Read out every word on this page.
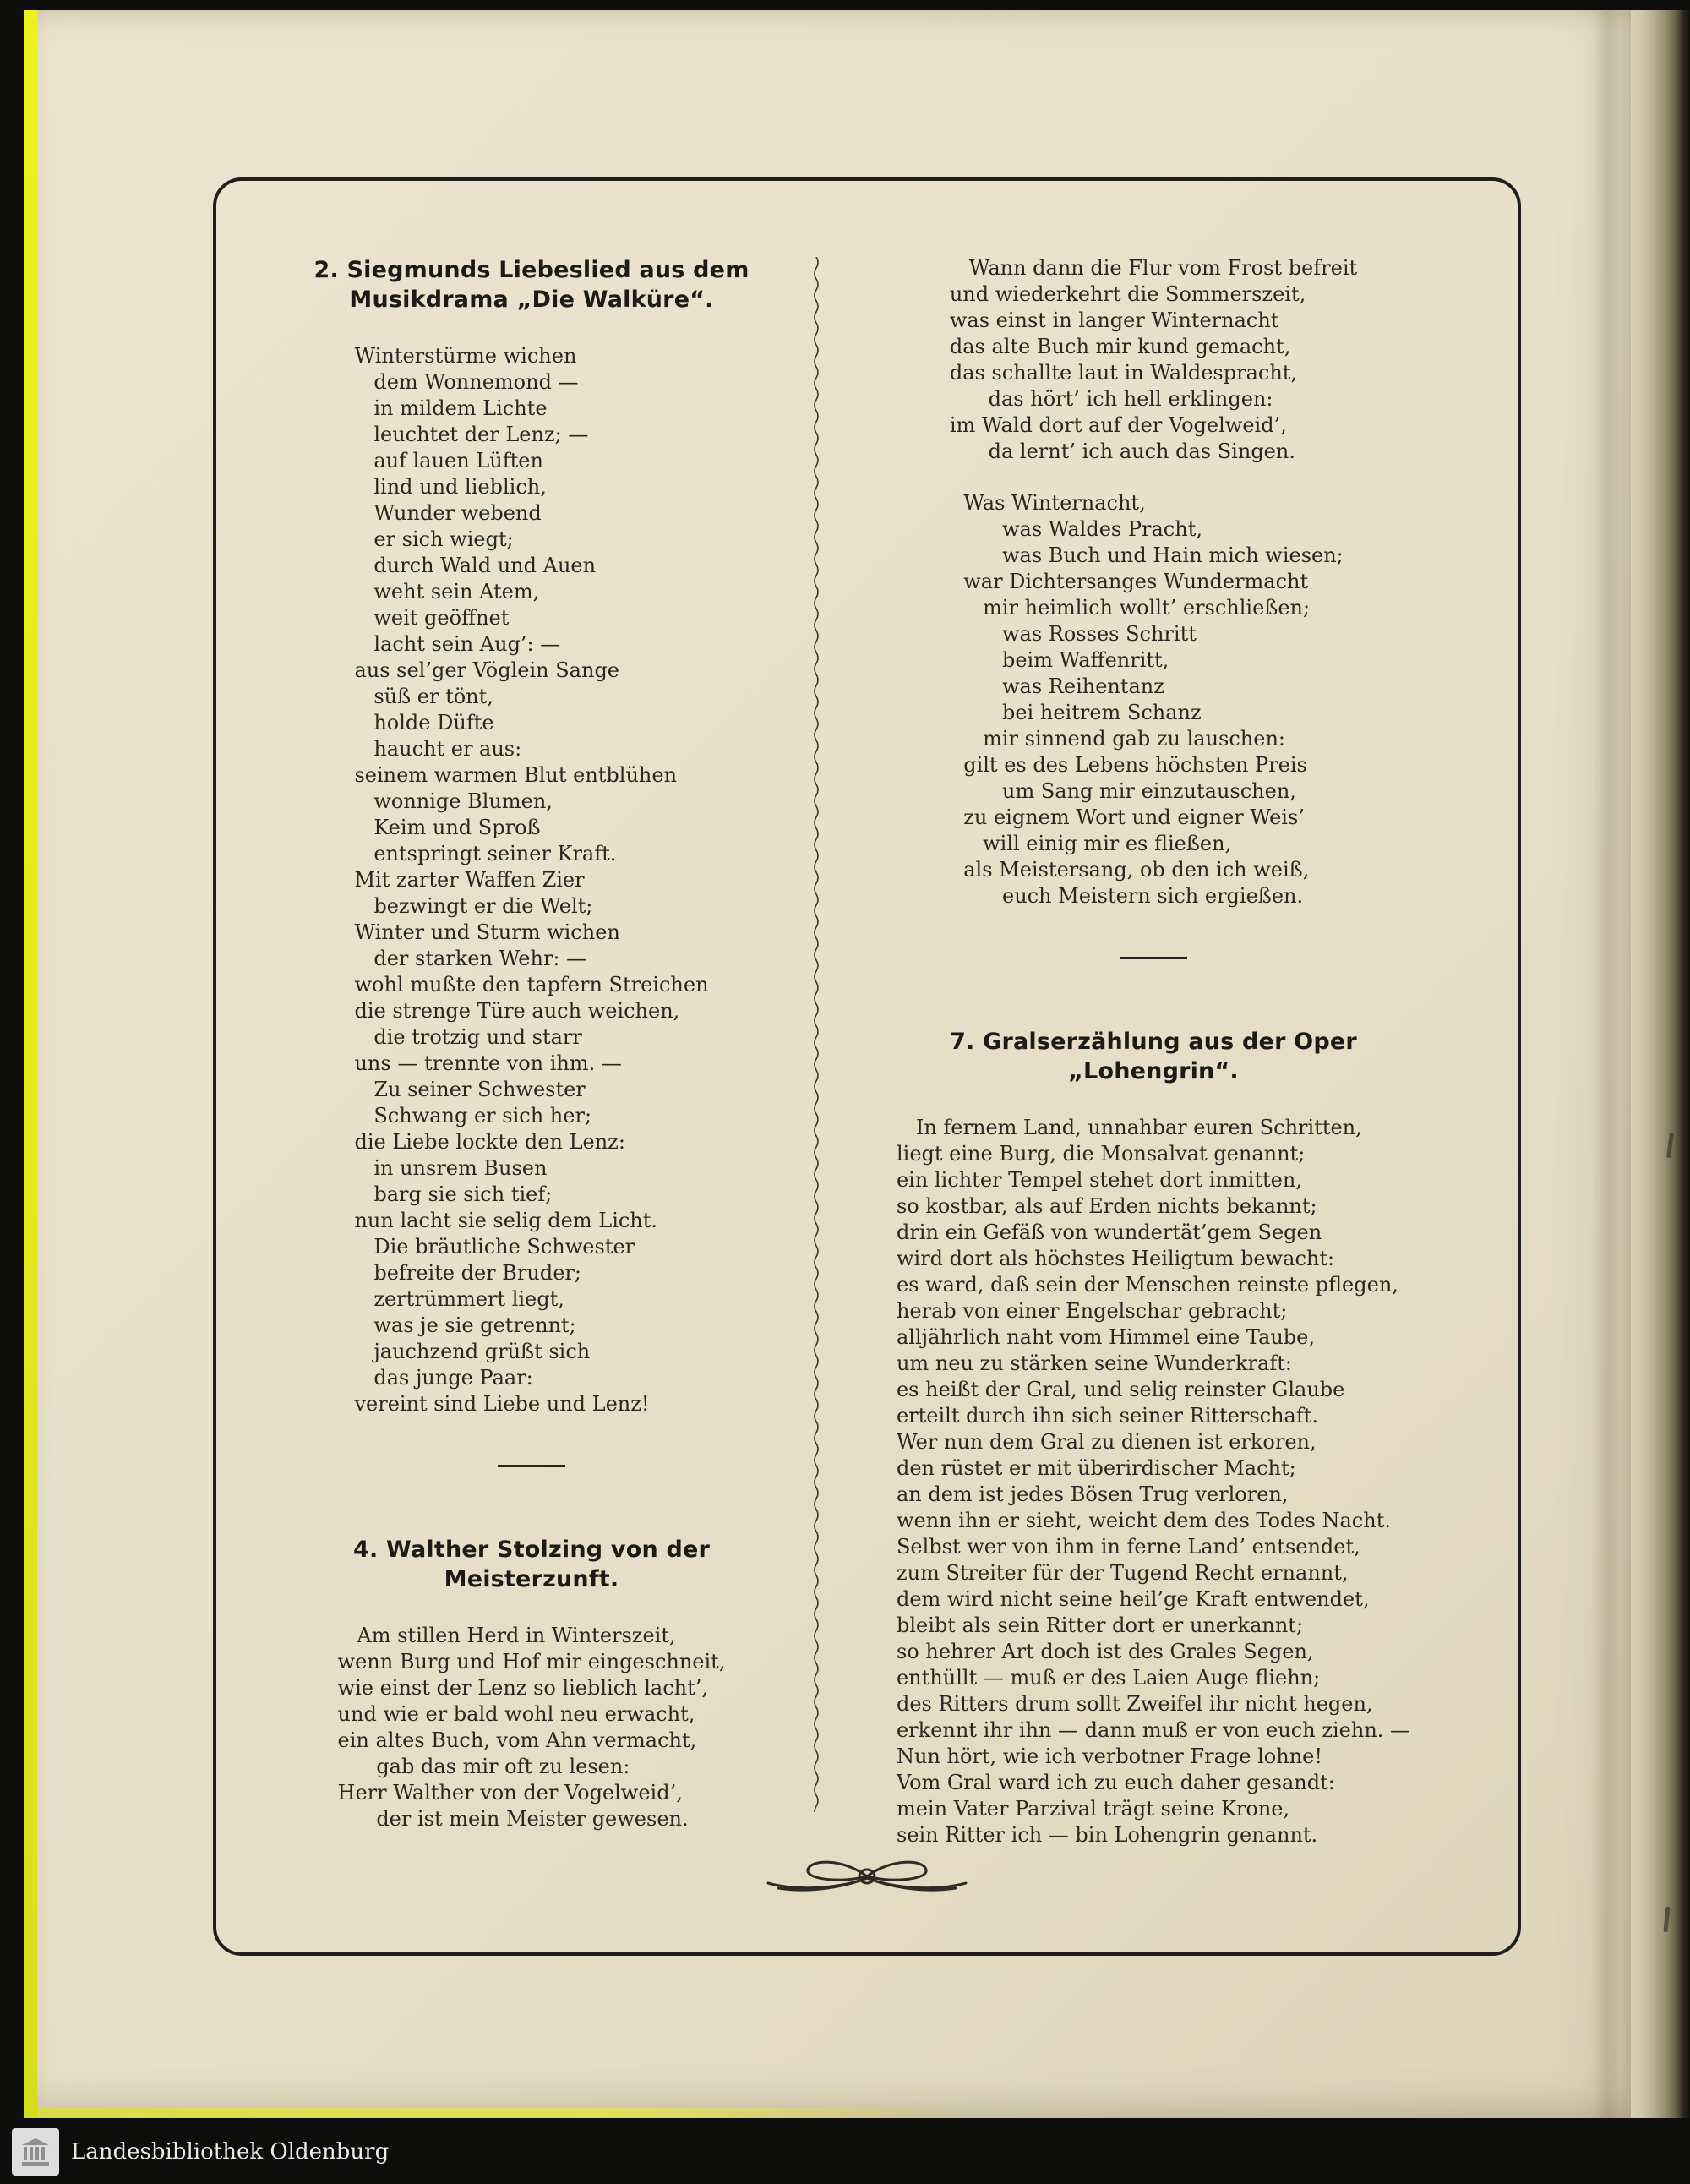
2. Siegmunds Liebeslied aus dem
Musikdrama „Die Walküre“.
Winterstürme wichen
dem Wonnemond —
in mildem Lichte
leuchtet der Lenz; —
auf lauen Lüften
lind und lieblich,
Wunder webend
er sich wiegt;
durch Wald und Auen
weht sein Atem,
weit geöffnet
lacht sein Aug’: —
aus sel’ger Vöglein Sange
süß er tönt,
holde Düfte
haucht er aus:
seinem warmen Blut entblühen
wonnige Blumen,
Keim und Sproß
entspringt seiner Kraft.
Mit zarter Waffen Zier
bezwingt er die Welt;
Winter und Sturm wichen
der starken Wehr: —
wohl mußte den tapfern Streichen
die strenge Türe auch weichen,
die trotzig und starr
uns — trennte von ihm. —
Zu seiner Schwester
Schwang er sich her;
die Liebe lockte den Lenz:
in unsrem Busen
barg sie sich tief;
nun lacht sie selig dem Licht.
Die bräutliche Schwester
befreite der Bruder;
zertrümmert liegt,
was je sie getrennt;
jauchzend grüßt sich
das junge Paar:
vereint sind Liebe und Lenz!
4. Walther Stolzing von der Meisterzunft.
Am stillen Herd in Winterszeit,
wenn Burg und Hof mir eingeschneit,
wie einst der Lenz so lieblich lacht’,
und wie er bald wohl neu erwacht,
ein altes Buch, vom Ahn vermacht,
gab das mir oft zu lesen:
Herr Walther von der Vogelweid’,
der ist mein Meister gewesen.
Wann dann die Flur vom Frost befreit
und wiederkehrt die Sommerszeit,
was einst in langer Winternacht
das alte Buch mir kund gemacht,
das schallte laut in Waldespracht,
das hört’ ich hell erklingen:
im Wald dort auf der Vogelweid’,
da lernt’ ich auch das Singen.
Was Winternacht,
was Waldes Pracht,
was Buch und Hain mich wiesen;
war Dichtersanges Wundermacht
mir heimlich wollt’ erschließen;
was Rosses Schritt
beim Waffenritt,
was Reihentanz
bei heitrem Schanz
mir sinnend gab zu lauschen:
gilt es des Lebens höchsten Preis
um Sang mir einzutauschen,
zu eignem Wort und eigner Weis’
will einig mir es fließen,
als Meistersang, ob den ich weiß,
euch Meistern sich ergießen.
7. Gralserzählung aus der Oper
„Lohengrin“.
In fernem Land, unnahbar euren Schritten,
liegt eine Burg, die Monsalvat genannt;
ein lichter Tempel stehet dort inmitten,
so kostbar, als auf Erden nichts bekannt;
drin ein Gefäß von wundertät’gem Segen
wird dort als höchstes Heiligtum bewacht:
es ward, daß sein der Menschen reinste pflegen,
herab von einer Engelschar gebracht;
alljährlich naht vom Himmel eine Taube,
um neu zu stärken seine Wunderkraft:
es heißt der Gral, und selig reinster Glaube
erteilt durch ihn sich seiner Ritterschaft.
Wer nun dem Gral zu dienen ist erkoren,
den rüstet er mit überirdischer Macht;
an dem ist jedes Bösen Trug verloren,
wenn ihn er sieht, weicht dem des Todes Nacht.
Selbst wer von ihm in ferne Land’ entsendet,
zum Streiter für der Tugend Recht ernannt,
dem wird nicht seine heil’ge Kraft entwendet,
bleibt als sein Ritter dort er unerkannt;
so hehrer Art doch ist des Grales Segen,
enthüllt — muß er des Laien Auge fliehn;
des Ritters drum sollt Zweifel ihr nicht hegen,
erkennt ihr ihn — dann muß er von euch ziehn. —
Nun hört, wie ich verbotner Frage lohne!
Vom Gral ward ich zu euch daher gesandt:
mein Vater Parzival trägt seine Krone,
sein Ritter ich — bin Lohengrin genannt.
Landesbibliothek Oldenburg
